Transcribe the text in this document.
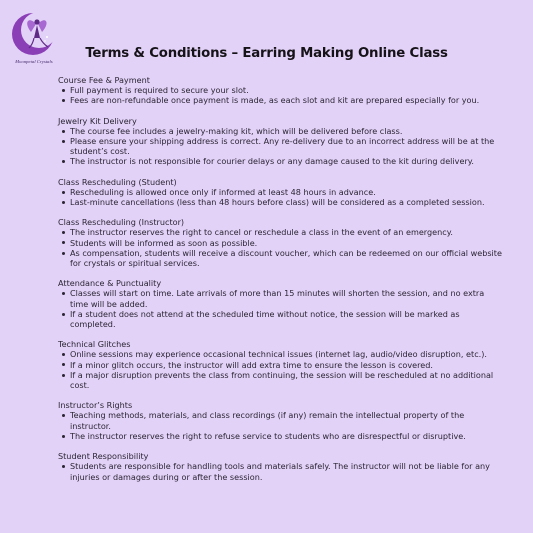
Moonpetal Crystals
Terms & Conditions – Earring Making Online Class
Course Fee & Payment
Full payment is required to secure your slot.
Fees are non-refundable once payment is made, as each slot and kit are prepared especially for you.
Jewelry Kit Delivery
The course fee includes a jewelry-making kit, which will be delivered before class.
Please ensure your shipping address is correct. Any re-delivery due to an incorrect address will be at the student’s cost.
The instructor is not responsible for courier delays or any damage caused to the kit during delivery.
Class Rescheduling (Student)
Rescheduling is allowed once only if informed at least 48 hours in advance.
Last-minute cancellations (less than 48 hours before class) will be considered as a completed session.
Class Rescheduling (Instructor)
The instructor reserves the right to cancel or reschedule a class in the event of an emergency.
Students will be informed as soon as possible.
As compensation, students will receive a discount voucher, which can be redeemed on our official website for crystals or spiritual services.
Attendance & Punctuality
Classes will start on time. Late arrivals of more than 15 minutes will shorten the session, and no extra time will be added.
If a student does not attend at the scheduled time without notice, the session will be marked as completed.
Technical Glitches
Online sessions may experience occasional technical issues (internet lag, audio/video disruption, etc.).
If a minor glitch occurs, the instructor will add extra time to ensure the lesson is covered.
If a major disruption prevents the class from continuing, the session will be rescheduled at no additional cost.
Instructor’s Rights
Teaching methods, materials, and class recordings (if any) remain the intellectual property of the instructor.
The instructor reserves the right to refuse service to students who are disrespectful or disruptive.
Student Responsibility
Students are responsible for handling tools and materials safely. The instructor will not be liable for any injuries or damages during or after the session.
